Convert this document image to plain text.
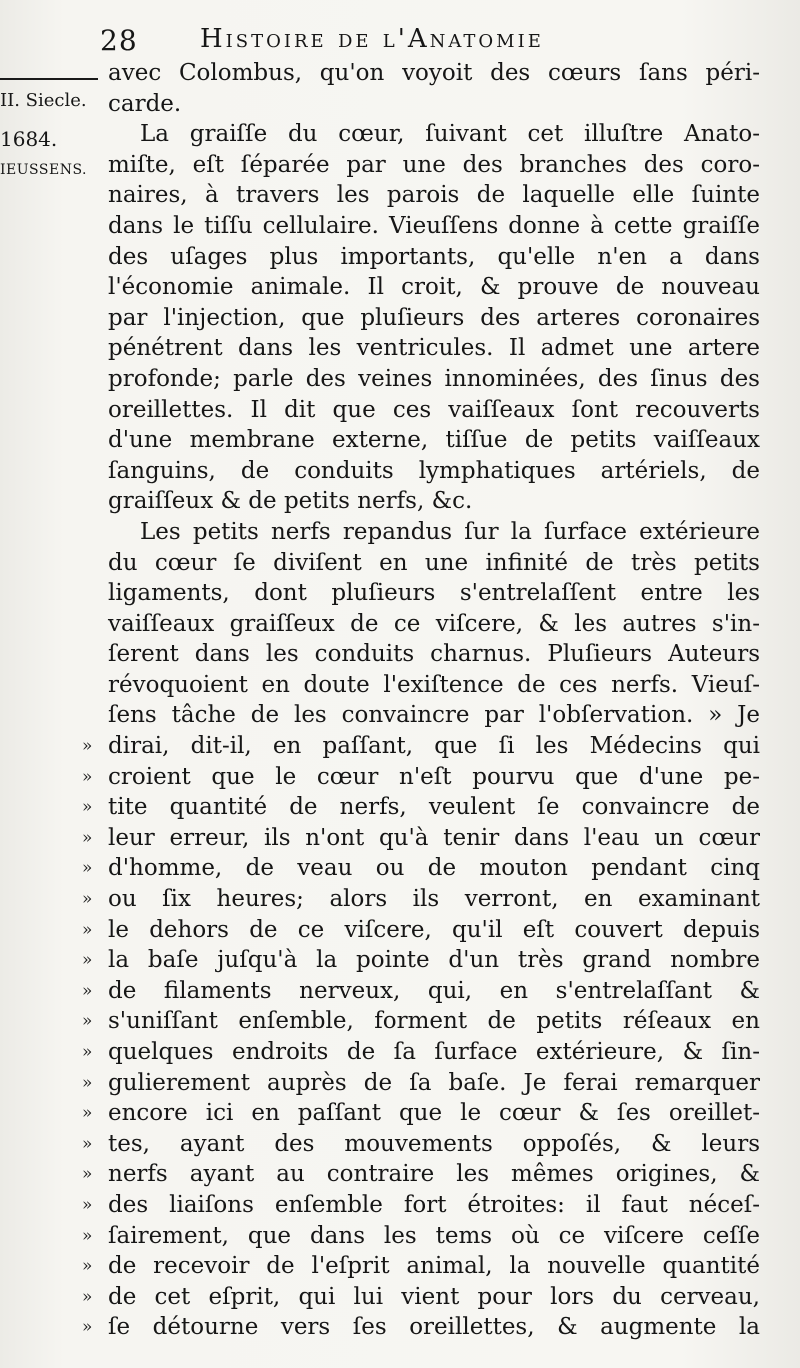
28 Histoire de l'Anatomie
II. Siecle.
1684.
IEUSSENS.
avec Colombus, qu'on voyoit des cœurs ſans péri-
carde.
La graiſſe du cœur, ſuivant cet illuſtre Anato-
miſte, eſt ſéparée par une des branches des coro-
naires, à travers les parois de laquelle elle ſuinte
dans le tiſſu cellulaire. Vieuſſens donne à cette graiſſe
des uſages plus importants, qu'elle n'en a dans
l'économie animale. Il croit, & prouve de nouveau
par l'injection, que pluſieurs des arteres coronaires
pénétrent dans les ventricules. Il admet une artere
profonde; parle des veines innominées, des ſinus des
oreillettes. Il dit que ces vaiſſeaux ſont recouverts
d'une membrane externe, tiſſue de petits vaiſſeaux
ſanguins, de conduits lymphatiques artériels, de
graiſſeux & de petits nerfs, &c.
Les petits nerfs repandus ſur la ſurface extérieure
du cœur ſe diviſent en une infinité de très petits
ligaments, dont pluſieurs s'entrelaſſent entre les
vaiſſeaux graiſſeux de ce viſcere, & les autres s'in-
ſerent dans les conduits charnus. Pluſieurs Auteurs
révoquoient en doute l'exiſtence de ces nerfs. Vieuſ-
ſens tâche de les convaincre par l'obſervation. » Je
» dirai, dit-il, en paſſant, que ſi les Médecins qui
» croient que le cœur n'eſt pourvu que d'une pe-
» tite quantité de nerfs, veulent ſe convaincre de
» leur erreur, ils n'ont qu'à tenir dans l'eau un cœur
» d'homme, de veau ou de mouton pendant cinq
» ou ſix heures; alors ils verront, en examinant
» le dehors de ce viſcere, qu'il eſt couvert depuis
» la baſe juſqu'à la pointe d'un très grand nombre
» de filaments nerveux, qui, en s'entrelaſſant &
» s'uniſſant enſemble, forment de petits réſeaux en
» quelques endroits de ſa ſurface extérieure, & ſin-
» gulierement auprès de ſa baſe. Je ferai remarquer
» encore ici en paſſant que le cœur & ſes oreillet-
» tes, ayant des mouvements oppoſés, & leurs
» nerfs ayant au contraire les mêmes origines, &
» des liaiſons enſemble fort étroites: il faut néceſ-
» ſairement, que dans les tems où ce viſcere ceſſe
» de recevoir de l'eſprit animal, la nouvelle quantité
» de cet eſprit, qui lui vient pour lors du cerveau,
» ſe détourne vers ſes oreillettes, & augmente la
